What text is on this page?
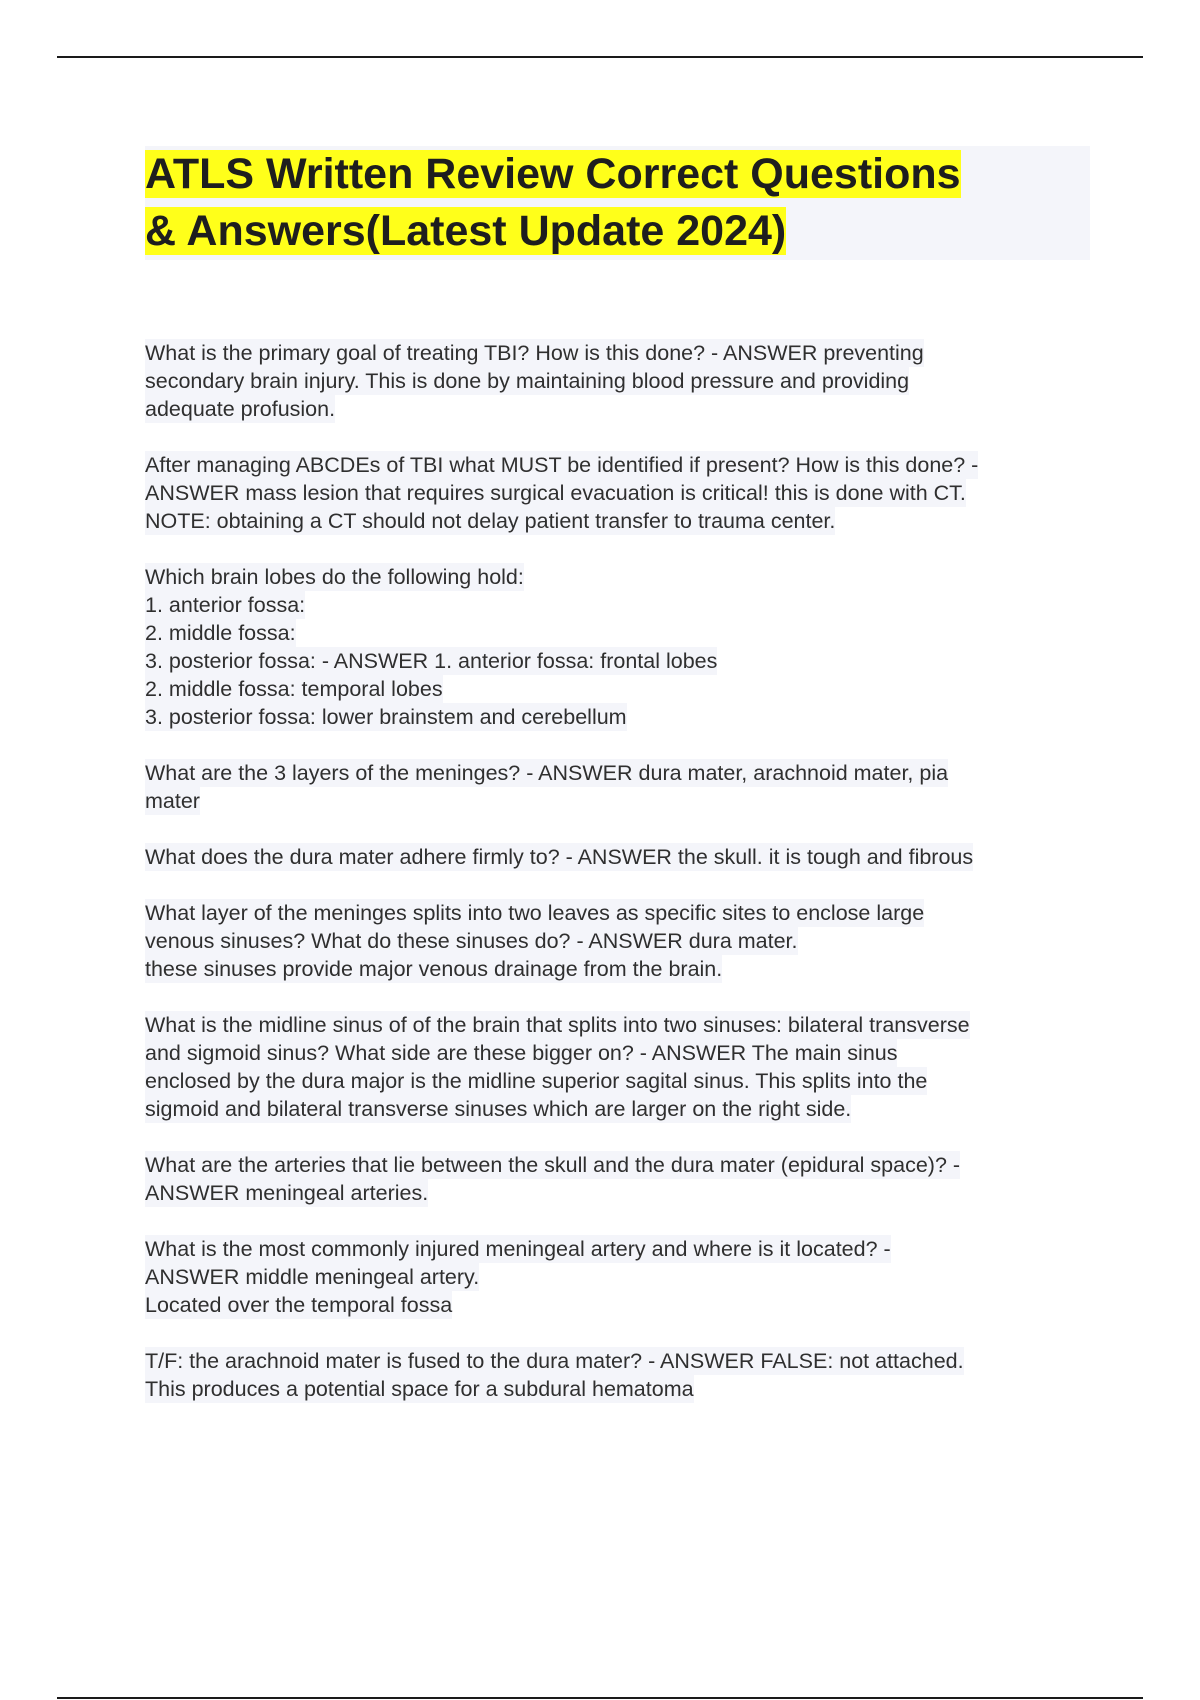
ATLS Written Review Correct Questions
& Answers(Latest Update 2024)
What is the primary goal of treating TBI? How is this done? - ANSWER preventing
secondary brain injury. This is done by maintaining blood pressure and providing
adequate profusion.
After managing ABCDEs of TBI what MUST be identified if present? How is this done? -
ANSWER mass lesion that requires surgical evacuation is critical! this is done with CT.
NOTE: obtaining a CT should not delay patient transfer to trauma center.
Which brain lobes do the following hold:
1. anterior fossa:
2. middle fossa:
3. posterior fossa: - ANSWER 1. anterior fossa: frontal lobes
2. middle fossa: temporal lobes
3. posterior fossa: lower brainstem and cerebellum
What are the 3 layers of the meninges? - ANSWER dura mater, arachnoid mater, pia
mater
What does the dura mater adhere firmly to? - ANSWER the skull. it is tough and fibrous
What layer of the meninges splits into two leaves as specific sites to enclose large
venous sinuses? What do these sinuses do? - ANSWER dura mater.
these sinuses provide major venous drainage from the brain.
What is the midline sinus of of the brain that splits into two sinuses: bilateral transverse
and sigmoid sinus? What side are these bigger on? - ANSWER The main sinus
enclosed by the dura major is the midline superior sagital sinus. This splits into the
sigmoid and bilateral transverse sinuses which are larger on the right side.
What are the arteries that lie between the skull and the dura mater (epidural space)? -
ANSWER meningeal arteries.
What is the most commonly injured meningeal artery and where is it located? -
ANSWER middle meningeal artery.
Located over the temporal fossa
T/F: the arachnoid mater is fused to the dura mater? - ANSWER FALSE: not attached.
This produces a potential space for a subdural hematoma
